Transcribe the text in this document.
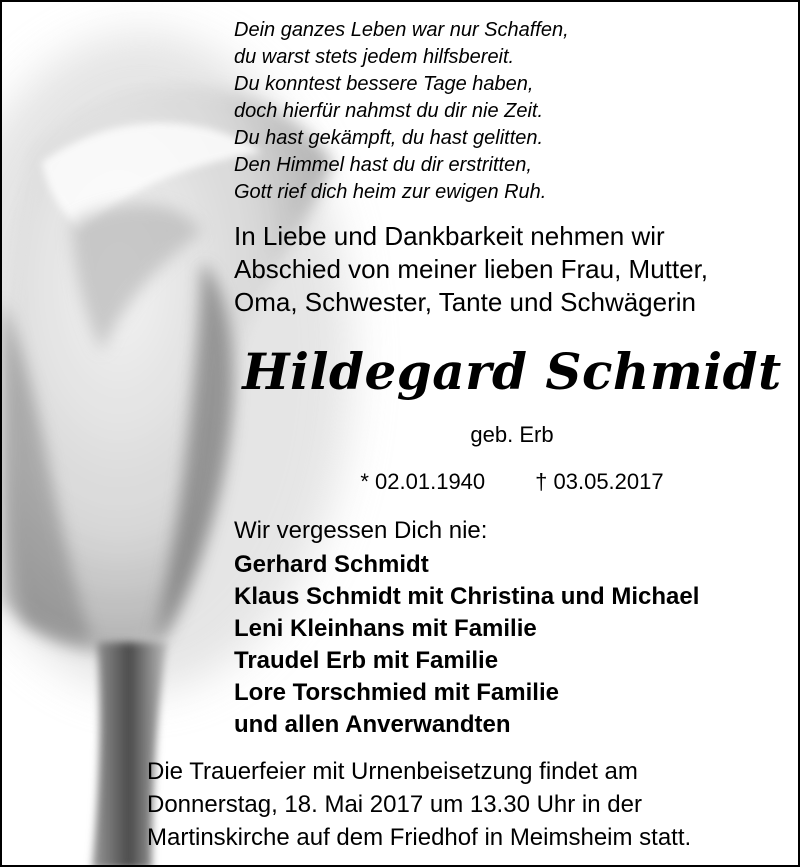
Dein ganzes Leben war nur Schaffen,
du warst stets jedem hilfsbereit.
Du konntest bessere Tage haben,
doch hierfür nahmst du dir nie Zeit.
Du hast gekämpft, du hast gelitten.
Den Himmel hast du dir erstritten,
Gott rief dich heim zur ewigen Ruh.
In Liebe und Dankbarkeit nehmen wir
Abschied von meiner lieben Frau, Mutter,
Oma, Schwester, Tante und Schwägerin
Hildegard Schmidt
geb. Erb
* 02.01.1940 † 03.05.2017
Wir vergessen Dich nie:
Gerhard Schmidt
Klaus Schmidt mit Christina und Michael
Leni Kleinhans mit Familie
Traudel Erb mit Familie
Lore Torschmied mit Familie
und allen Anverwandten
Die Trauerfeier mit Urnenbeisetzung findet am
Donnerstag, 18. Mai 2017 um 13.30 Uhr in der
Martinskirche auf dem Friedhof in Meimsheim statt.
